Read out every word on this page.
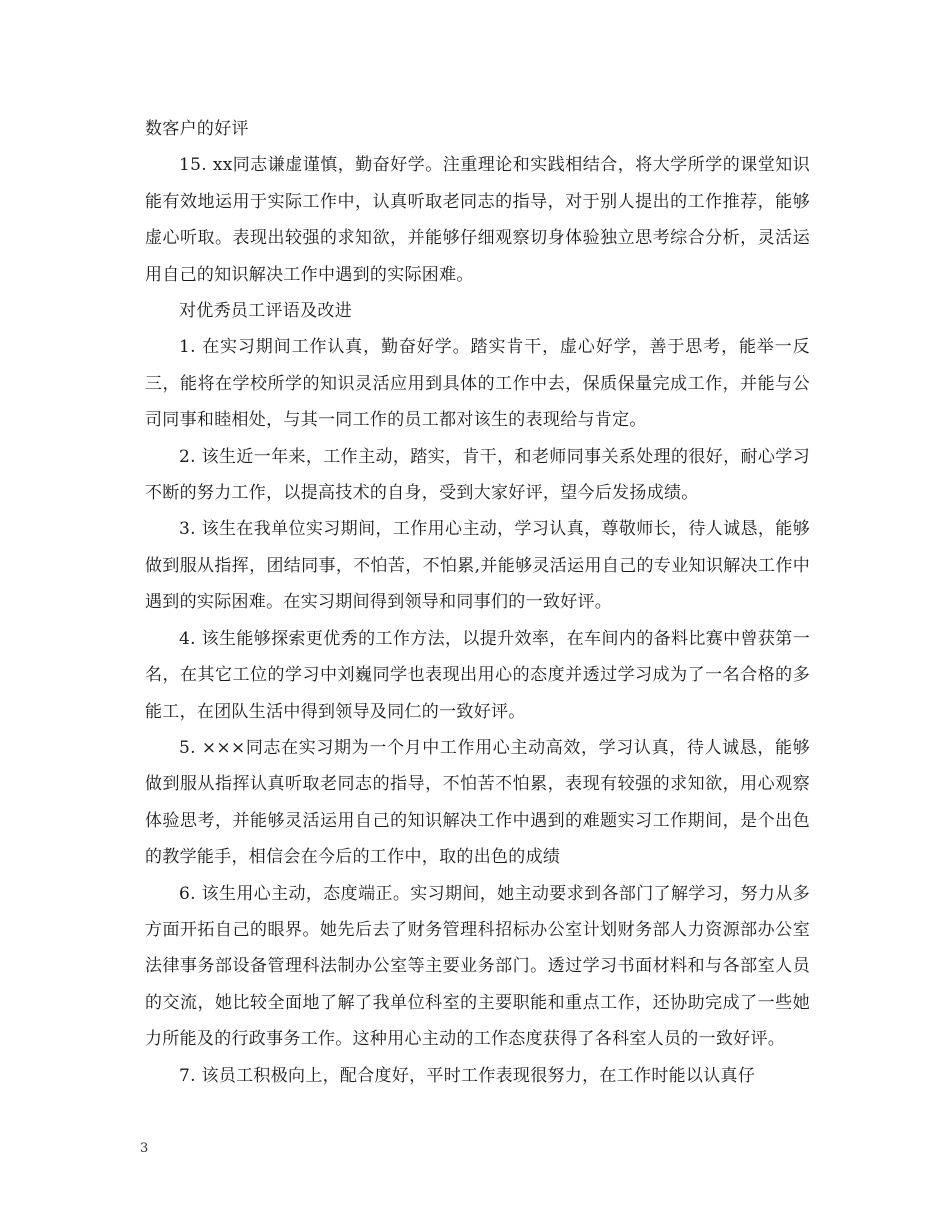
数客户的好评

15. xx同志谦虚谨慎，勤奋好学。注重理论和实践相结合，将大学所学的课堂知识能有效地运用于实际工作中，认真听取老同志的指导，对于别人提出的工作推荐，能够虚心听取。表现出较强的求知欲，并能够仔细观察切身体验独立思考综合分析，灵活运用自己的知识解决工作中遇到的实际困难。

对优秀员工评语及改进

1. 在实习期间工作认真，勤奋好学。踏实肯干，虚心好学，善于思考，能举一反三，能将在学校所学的知识灵活应用到具体的工作中去，保质保量完成工作，并能与公司同事和睦相处，与其一同工作的员工都对该生的表现给与肯定。

2. 该生近一年来，工作主动，踏实，肯干，和老师同事关系处理的很好，耐心学习不断的努力工作，以提高技术的自身，受到大家好评，望今后发扬成绩。

3. 该生在我单位实习期间，工作用心主动，学习认真，尊敬师长，待人诚恳，能够做到服从指挥，团结同事，不怕苦，不怕累,并能够灵活运用自己的专业知识解决工作中遇到的实际困难。在实习期间得到领导和同事们的一致好评。

4. 该生能够探索更优秀的工作方法，以提升效率，在车间内的备料比赛中曾获第一名，在其它工位的学习中刘巍同学也表现出用心的态度并透过学习成为了一名合格的多能工，在团队生活中得到领导及同仁的一致好评。

5. ×××同志在实习期为一个月中工作用心主动高效，学习认真，待人诚恳，能够做到服从指挥认真听取老同志的指导，不怕苦不怕累，表现有较强的求知欲，用心观察体验思考，并能够灵活运用自己的知识解决工作中遇到的难题实习工作期间，是个出色的教学能手，相信会在今后的工作中，取的出色的成绩

6. 该生用心主动，态度端正。实习期间，她主动要求到各部门了解学习，努力从多方面开拓自己的眼界。她先后去了财务管理科招标办公室计划财务部人力资源部办公室法律事务部设备管理科法制办公室等主要业务部门。透过学习书面材料和与各部室人员的交流，她比较全面地了解了我单位科室的主要职能和重点工作，还协助完成了一些她力所能及的行政事务工作。这种用心主动的工作态度获得了各科室人员的一致好评。

7. 该员工积极向上，配合度好，平时工作表现很努力，在工作时能以认真仔

3
